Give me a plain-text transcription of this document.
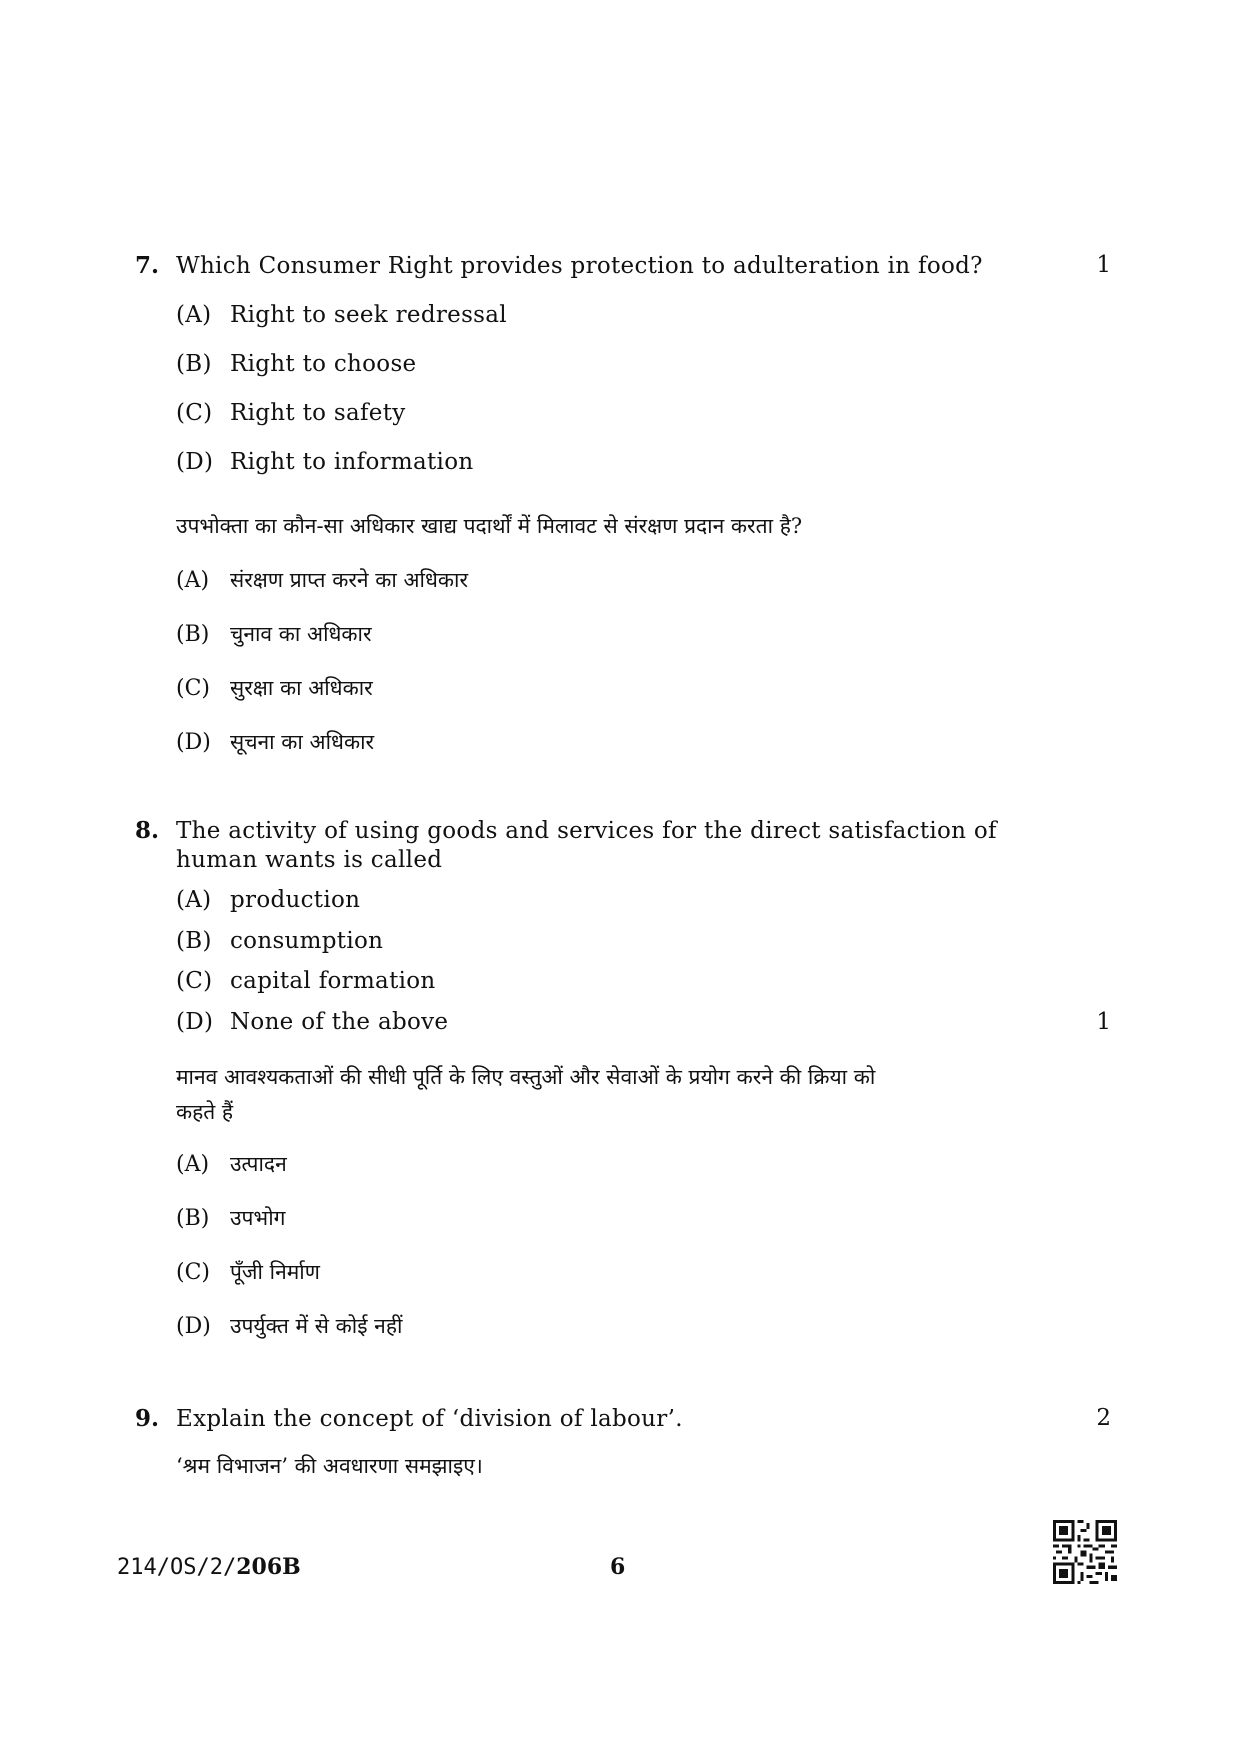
7. Which Consumer Right provides protection to adulteration in food?	1
(A) Right to seek redressal
(B) Right to choose
(C) Right to safety
(D) Right to information
उपभोक्ता का कौन-सा अधिकार खाद्य पदार्थों में मिलावट से संरक्षण प्रदान करता है?
(A) संरक्षण प्राप्त करने का अधिकार
(B) चुनाव का अधिकार
(C) सुरक्षा का अधिकार
(D) सूचना का अधिकार
8. The activity of using goods and services for the direct satisfaction of
human wants is called
(A) production
(B) consumption
(C) capital formation
(D) None of the above	1
मानव आवश्यकताओं की सीधी पूर्ति के लिए वस्तुओं और सेवाओं के प्रयोग करने की क्रिया को
कहते हैं
(A) उत्पादन
(B) उपभोग
(C) पूँजी निर्माण
(D) उपर्युक्त में से कोई नहीं
9. Explain the concept of ‘division of labour’.	2
‘श्रम विभाजन’ की अवधारणा समझाइए।
214/OS/2/206B	6
